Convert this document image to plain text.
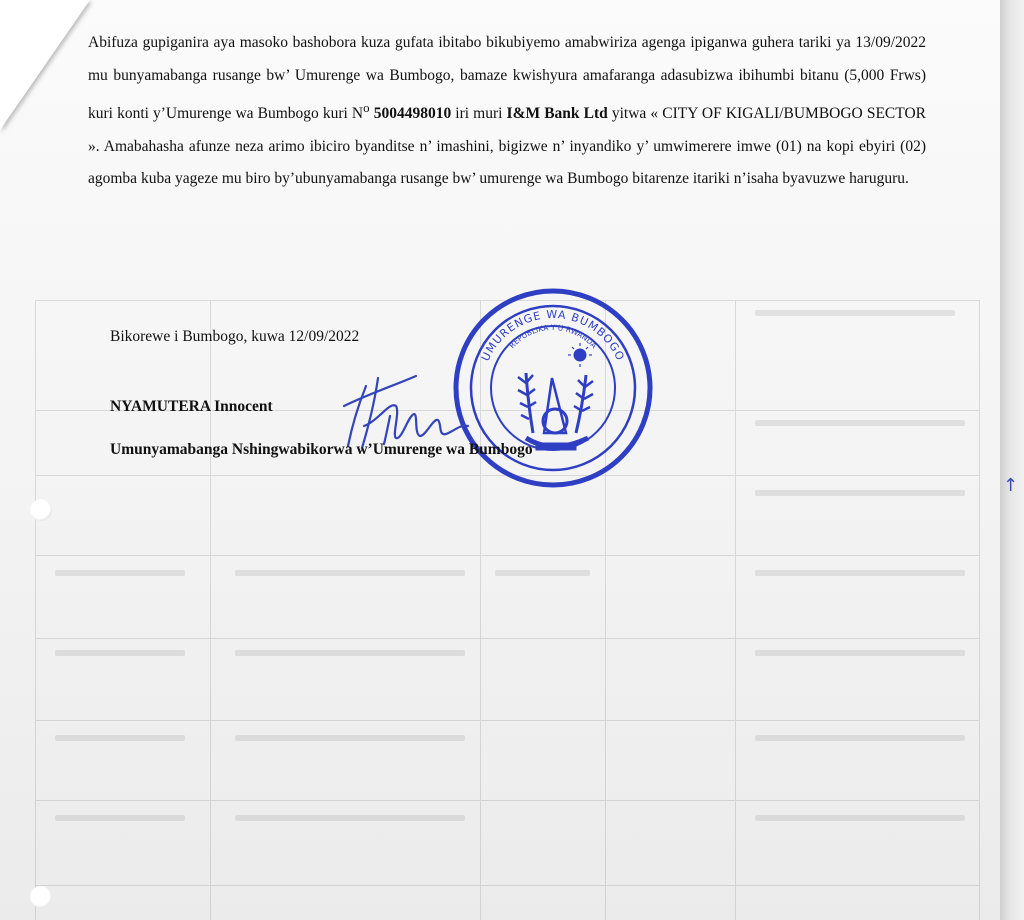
Abifuza gupiganira aya masoko bashobora kuza gufata ibitabo bikubiyemo amabwiriza agenga ipiganwa guhera tariki ya 13/09/2022 mu bunyamabanga rusange bw’ Umurenge wa Bumbogo, bamaze kwishyura amafaranga adasubizwa ibihumbi bitanu (5,000 Frws) kuri konti y’Umurenge wa Bumbogo kuri $N^o$ 5004498010 iri muri I&M Bank Ltd yitwa « CITY OF KIGALI/BUMBOGO SECTOR ». Amabahasha afunze neza arimo ibiciro byanditse n’ imashini, bigizwe n’ inyandiko y’ umwimerere imwe (01) na kopi ebyiri (02) agomba kuba yageze mu biro by’ubunyamabanga rusange bw’ umurenge wa Bumbogo bitarenze itariki n’isaha byavuzwe haruguru.
Bikorewe i Bumbogo, kuwa 12/09/2022
UMURENGE WA BUMBOGO
REPUBLIKA Y'U RWANDA
NYAMUTERA Innocent
Umunyamabanga Nshingwabikorwa w’Umurenge wa Bumbogo
↑
